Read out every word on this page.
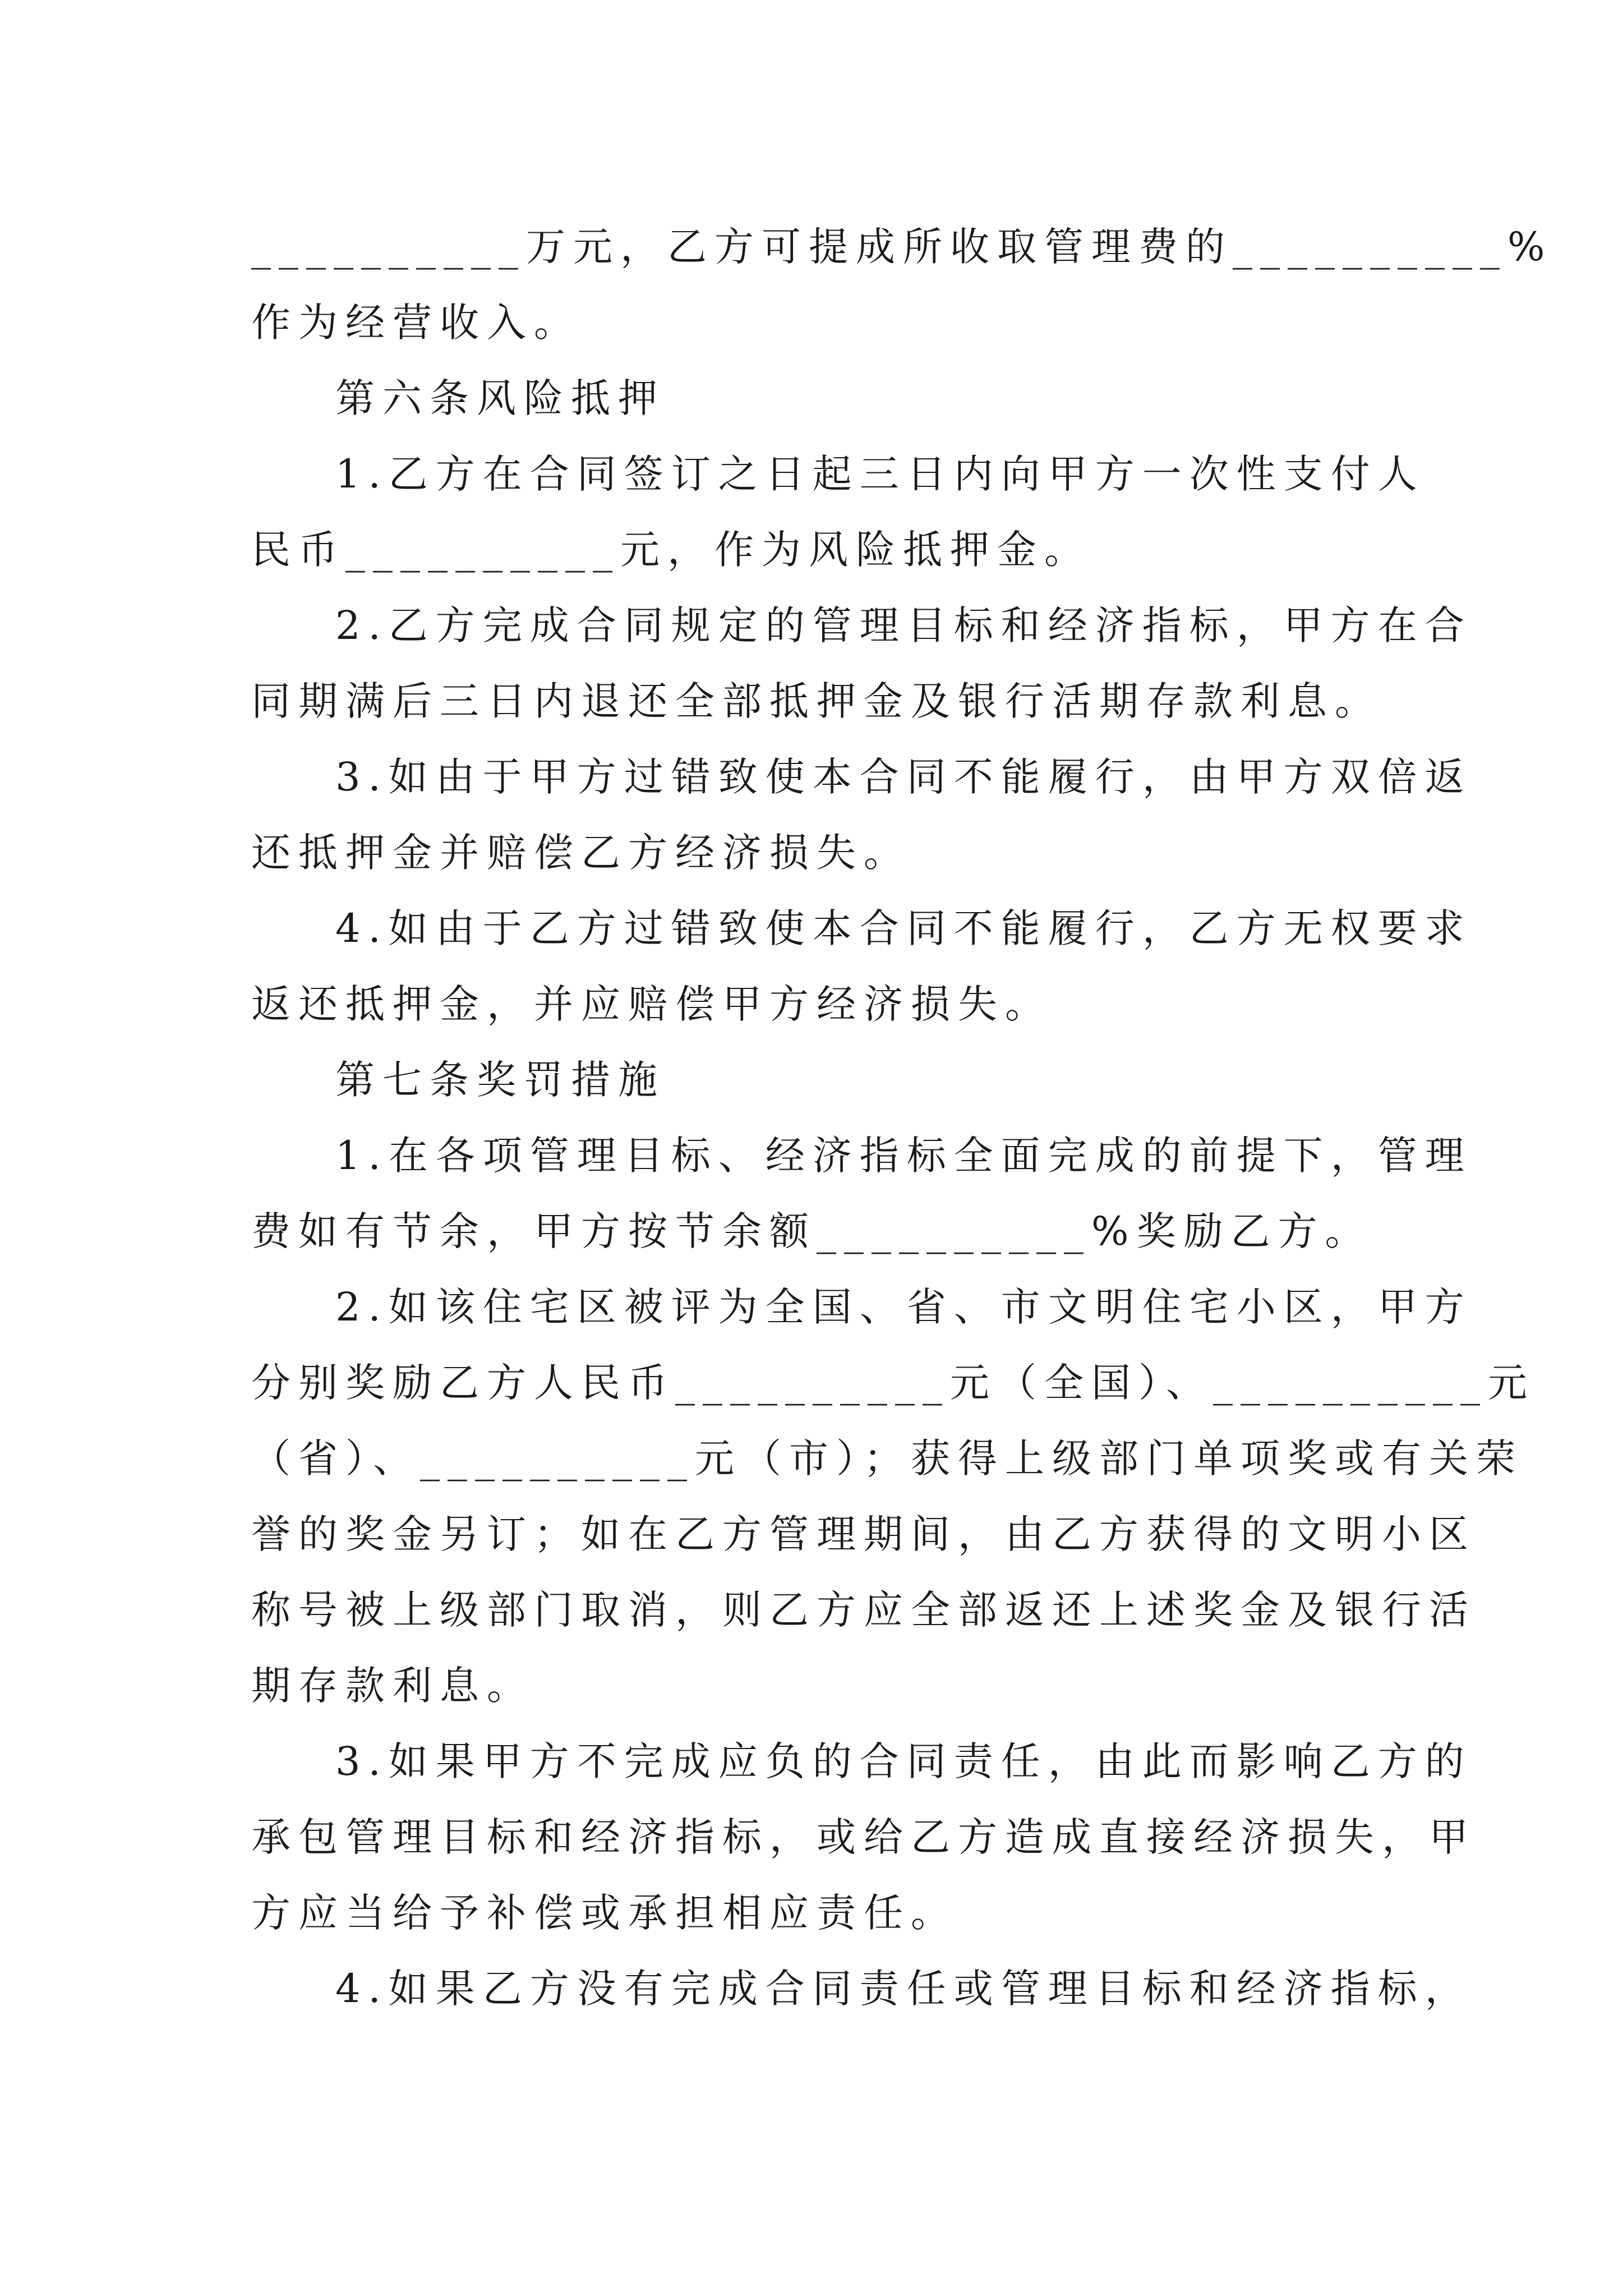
__________万元，乙方可提成所收取管理费的__________%
作为经营收入。
第六条风险抵押
1.乙方在合同签订之日起三日内向甲方一次性支付人
民币__________元，作为风险抵押金。
2.乙方完成合同规定的管理目标和经济指标，甲方在合
同期满后三日内退还全部抵押金及银行活期存款利息。
3.如由于甲方过错致使本合同不能履行，由甲方双倍返
还抵押金并赔偿乙方经济损失。
4.如由于乙方过错致使本合同不能履行，乙方无权要求
返还抵押金，并应赔偿甲方经济损失。
第七条奖罚措施
1.在各项管理目标、经济指标全面完成的前提下，管理
费如有节余，甲方按节余额__________%奖励乙方。
2.如该住宅区被评为全国、省、市文明住宅小区，甲方
分别奖励乙方人民币__________元（全国）、__________元
（省）、__________元（市）；获得上级部门单项奖或有关荣
誉的奖金另订；如在乙方管理期间，由乙方获得的文明小区
称号被上级部门取消，则乙方应全部返还上述奖金及银行活
期存款利息。
3.如果甲方不完成应负的合同责任，由此而影响乙方的
承包管理目标和经济指标，或给乙方造成直接经济损失，甲
方应当给予补偿或承担相应责任。
4.如果乙方没有完成合同责任或管理目标和经济指标，
